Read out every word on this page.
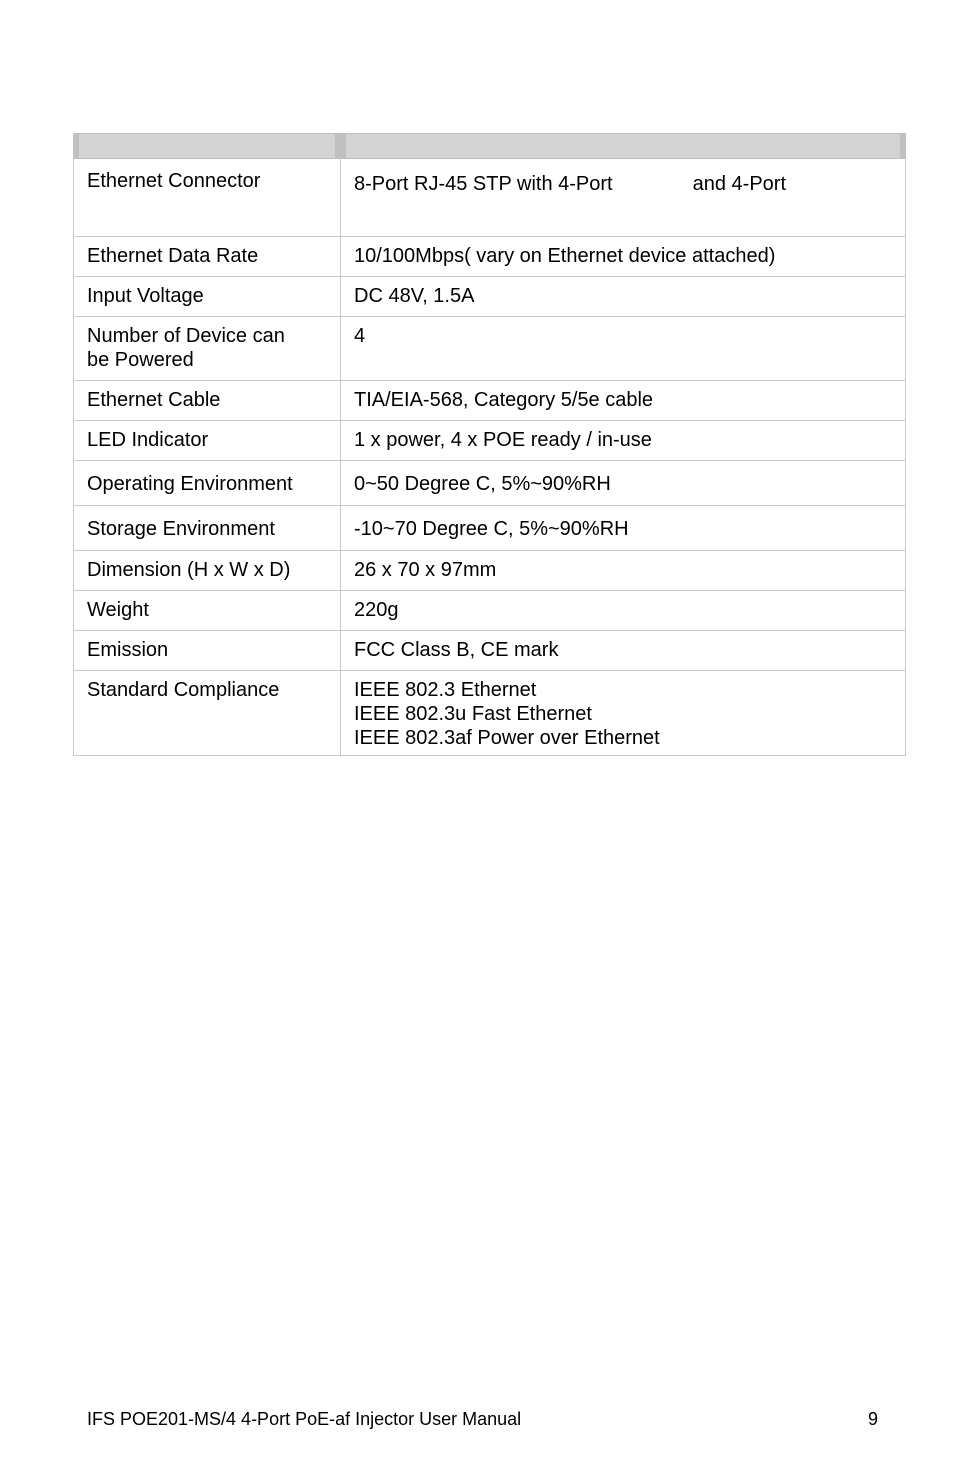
Ethernet Connector	8-Port RJ-45 STP with 4-Port and 4-Port
Ethernet Data Rate	10/100Mbps( vary on Ethernet device attached)
Input Voltage	DC 48V, 1.5A

Number of Device can
be Powered	4
Ethernet Cable	TIA/EIA-568, Category 5/5e cable
LED Indicator	1 x power, 4 x POE ready / in-use
Operating Environment	0~50 Degree C, 5%~90%RH
Storage Environment	-10~70 Degree C, 5%~90%RH
Dimension (H x W x D)	26 x 70 x 97mm
Weight	220g
Emission	FCC Class B, CE mark
Standard Compliance	IEEE 802.3 Ethernet
IEEE 802.3u Fast Ethernet
IEEE 802.3af Power over Ethernet
IFS POE201-MS/4 4-Port PoE-af Injector User Manual	9
